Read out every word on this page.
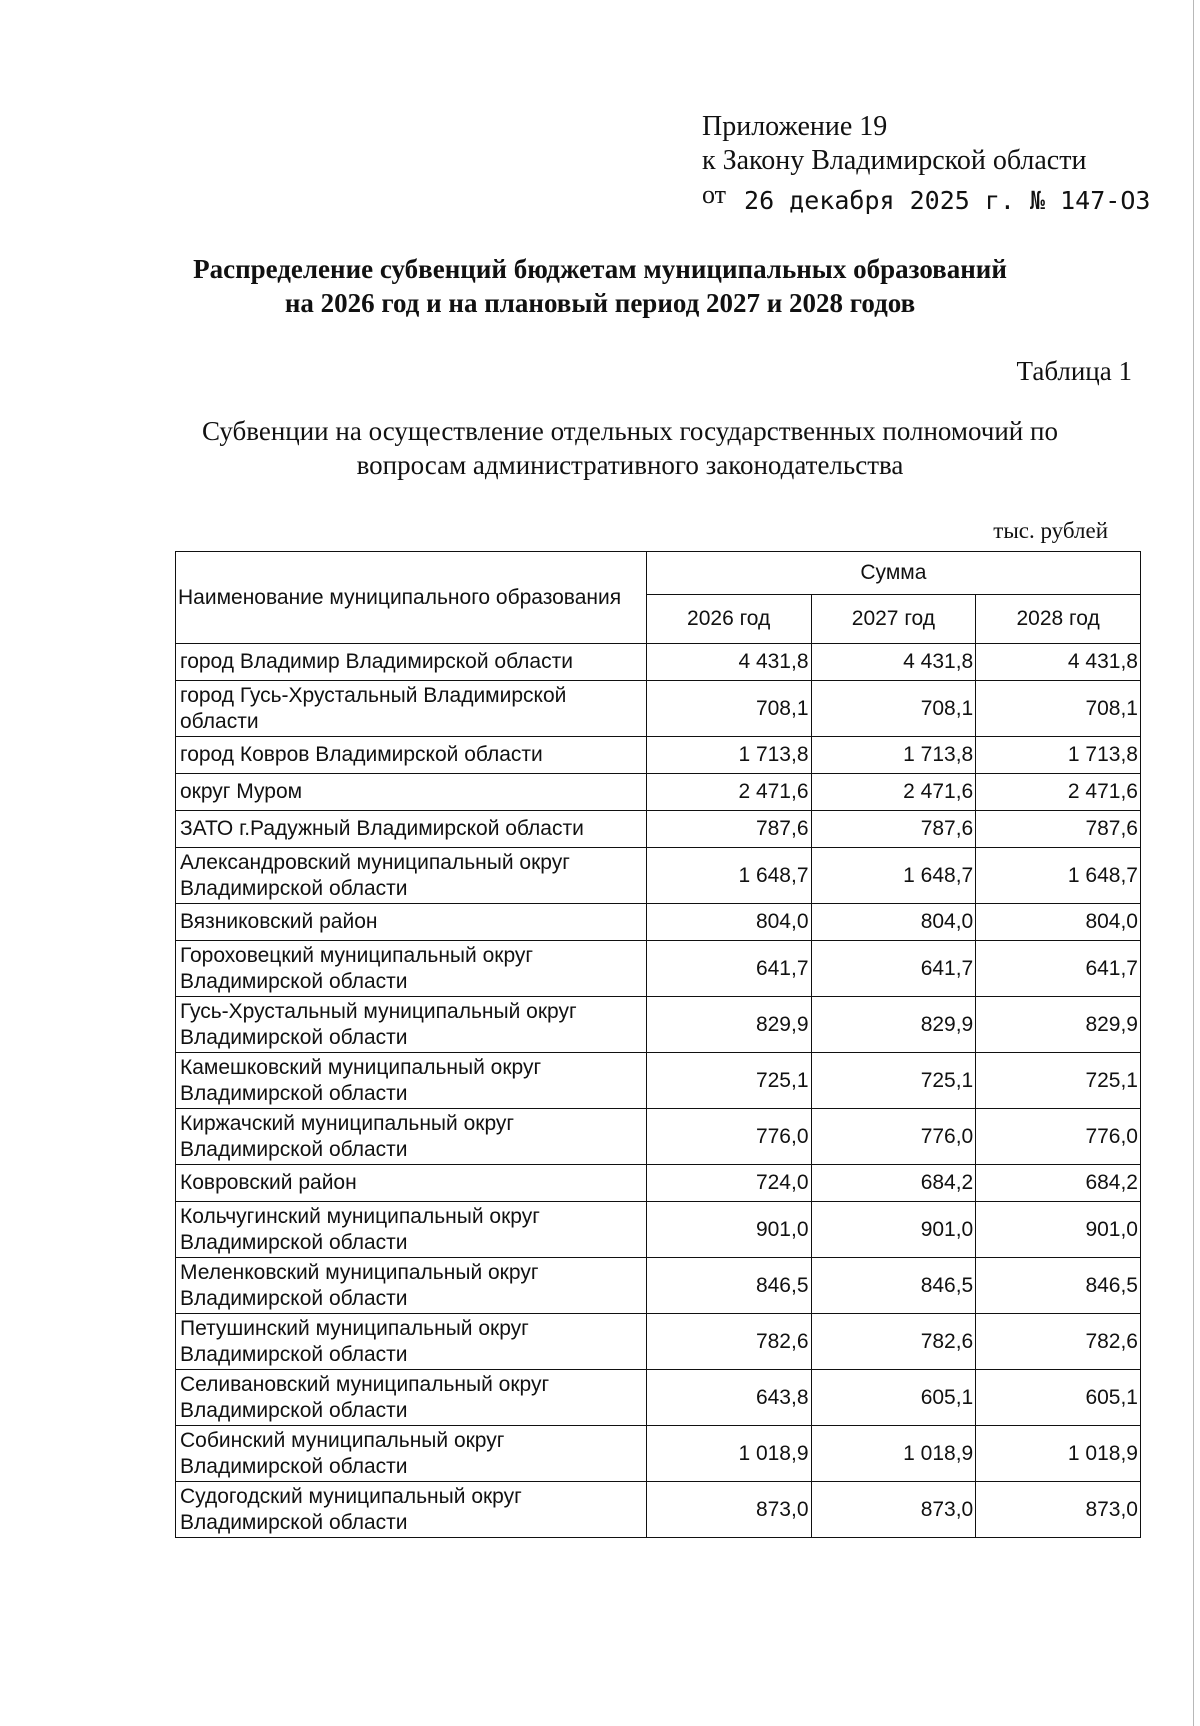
Приложение 19
к Закону Владимирской области
от 26 декабря 2025 г. № 147-ОЗ
Распределение субвенций бюджетам муниципальных образований
на 2026 год и на плановый период 2027 и 2028 годов
Таблица 1
Субвенции на осуществление отдельных государственных полномочий по
вопросам административного законодательства
тыс. рублей
Наименование муниципального образования	Сумма		
	2026 год	2027 год	2028 год
город Владимир Владимирской области	4 431,8	4 431,8	4 431,8
город Гусь-Хрустальный Владимирской области	708,1	708,1	708,1
город Ковров Владимирской области	1 713,8	1 713,8	1 713,8
округ Муром	2 471,6	2 471,6	2 471,6
ЗАТО г.Радужный Владимирской области	787,6	787,6	787,6
Александровский муниципальный округ Владимирской области	1 648,7	1 648,7	1 648,7
Вязниковский район	804,0	804,0	804,0
Гороховецкий муниципальный округ Владимирской области	641,7	641,7	641,7
Гусь-Хрустальный муниципальный округ Владимирской области	829,9	829,9	829,9
Камешковский муниципальный округ Владимирской области	725,1	725,1	725,1
Киржачский муниципальный округ Владимирской области	776,0	776,0	776,0
Ковровский район	724,0	684,2	684,2
Кольчугинский муниципальный округ Владимирской области	901,0	901,0	901,0
Меленковский муниципальный округ Владимирской области	846,5	846,5	846,5
Петушинский муниципальный округ Владимирской области	782,6	782,6	782,6
Селивановский муниципальный округ Владимирской области	643,8	605,1	605,1
Собинский муниципальный округ Владимирской области	1 018,9	1 018,9	1 018,9
Судогодский муниципальный округ Владимирской области	873,0	873,0	873,0
